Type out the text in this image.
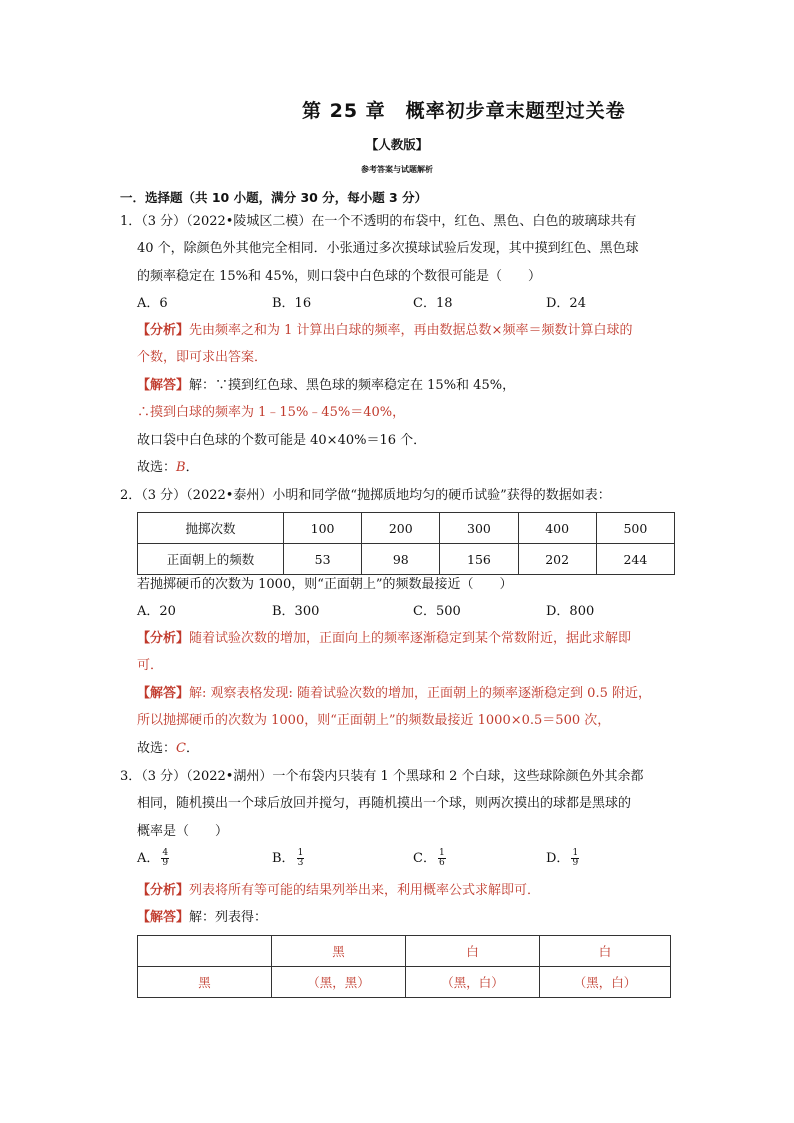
第 25 章　概率初步章末题型过关卷
【人教版】
参考答案与试题解析
一．选择题（共 10 小题，满分 30 分，每小题 3 分）
1．（3 分）（2022•陵城区二模）在一个不透明的布袋中，红色、黑色、白色的玻璃球共有
40 个，除颜色外其他完全相同．小张通过多次摸球试验后发现，其中摸到红色、黑色球
的频率稳定在 15%和 45%，则口袋中白色球的个数很可能是（　　）
A．6	B．16	C．18	D．24
【分析】先由频率之和为 1 计算出白球的频率，再由数据总数×频率＝频数计算白球的
个数，即可求出答案．
【解答】解：∵摸到红色球、黑色球的频率稳定在 15%和 45%，
∴摸到白球的频率为 1﹣15%﹣45%＝40%，
故口袋中白色球的个数可能是 40×40%＝16 个．
故选：B．
2．（3 分）（2022•泰州）小明和同学做“抛掷质地均匀的硬币试验”获得的数据如表：
抛掷次数	100	200	300	400	500
正面朝上的频数	53	98	156	202	244
若抛掷硬币的次数为 1000，则“正面朝上”的频数最接近（　　）
A．20	B．300	C．500	D．800
【分析】随着试验次数的增加，正面向上的频率逐渐稳定到某个常数附近，据此求解即
可．
【解答】解: 观察表格发现: 随着试验次数的增加，正面朝上的频率逐渐稳定到 0.5 附近，
所以抛掷硬币的次数为 1000，则“正面朝上”的频数最接近 1000×0.5＝500 次，
故选：C．
3．（3 分）（2022•湖州）一个布袋内只装有 1 个黑球和 2 个白球，这些球除颜色外其余都
相同，随机摸出一个球后放回并搅匀，再随机摸出一个球，则两次摸出的球都是黑球的
概率是（　　）
A． $\frac{4}{9}$	B． $\frac{1}{3}$	C． $\frac{1}{6}$	D． $\frac{1}{9}$
【分析】列表将所有等可能的结果列举出来，利用概率公式求解即可．
【解答】解：列表得：
	黑	白	白
黑	（黑，黑）	（黑，白）	（黑，白）
